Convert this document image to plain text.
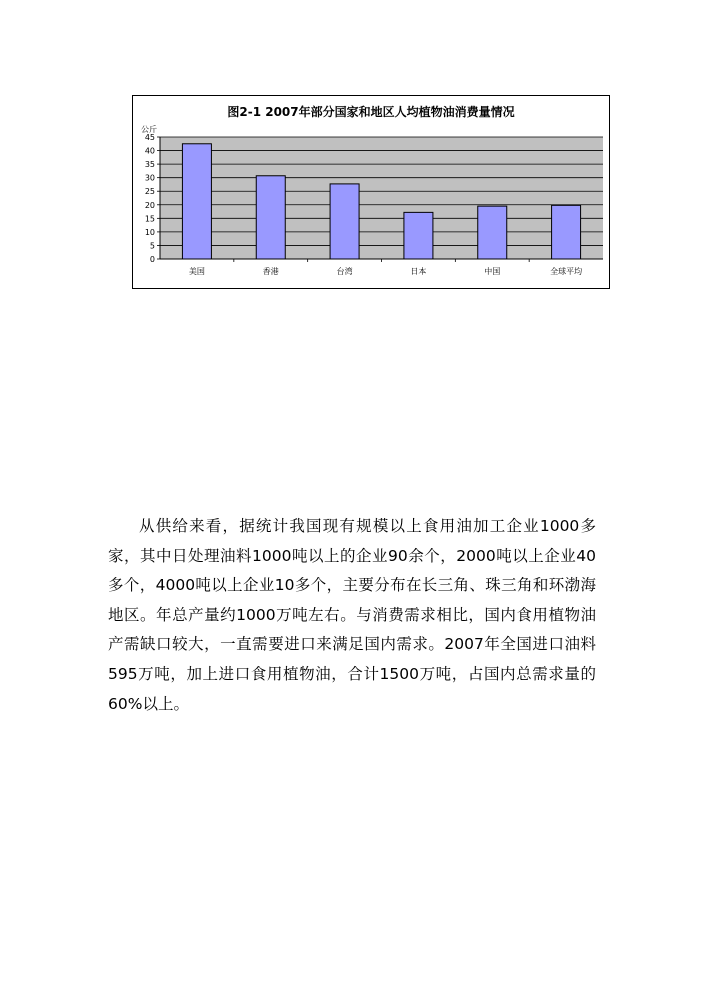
图2-1 2007年部分国家和地区人均植物油消费量情况
0
5
10
15
20
25
30
35
40
45
公斤
美国	香港	台湾	日本	中国	全球平均

从供给来看，据统计我国现有规模以上食用油加工企业1000多家，其中日处理油料1000吨以上的企业90余个，2000吨以上企业40多个，4000吨以上企业10多个，主要分布在长三角、珠三角和环渤海地区。年总产量约1000万吨左右。与消费需求相比，国内食用植物油产需缺口较大，一直需要进口来满足国内需求。2007年全国进口油料595万吨，加上进口食用植物油，合计1500万吨，占国内总需求量的60%以上。
